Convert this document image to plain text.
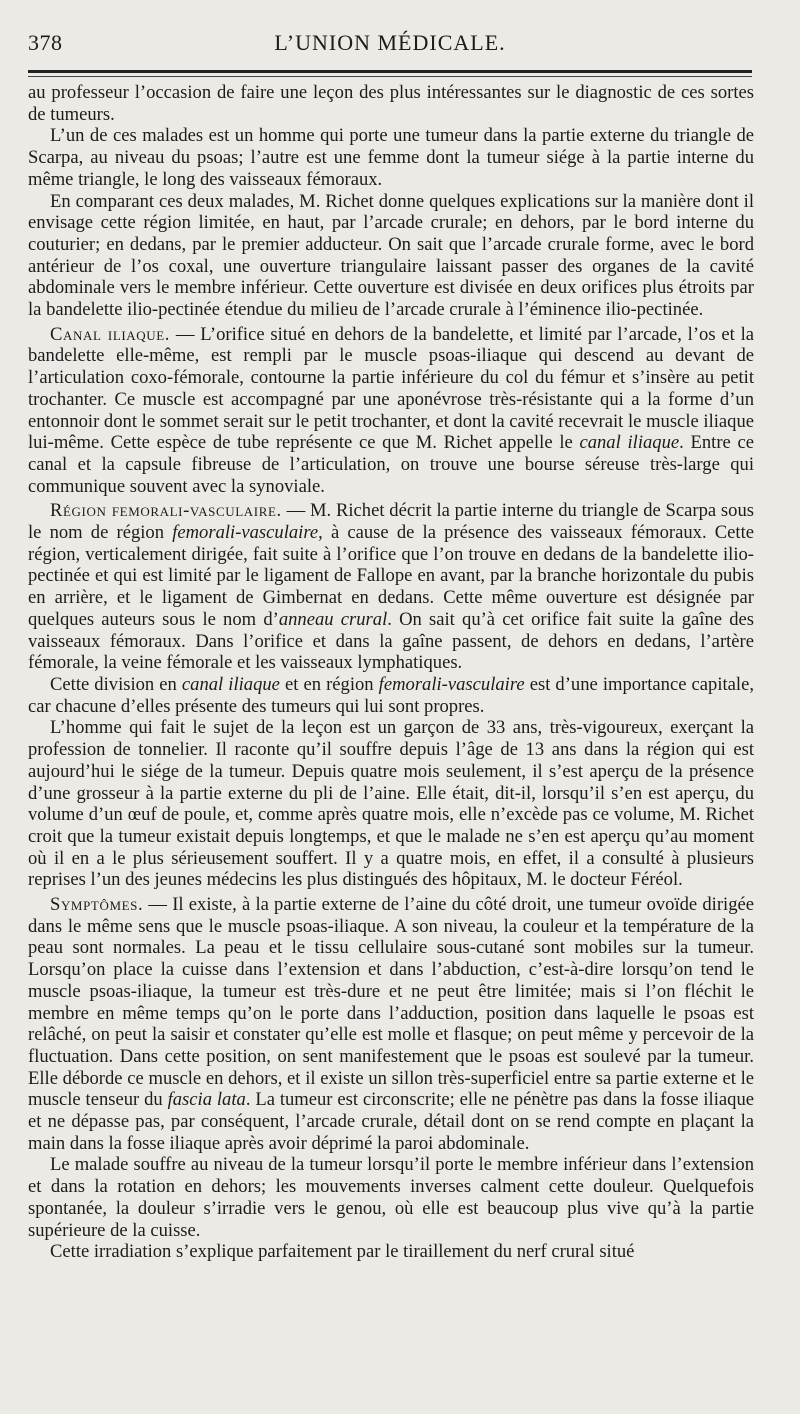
378	L’UNION MÉDICALE.

au professeur l’occasion de faire une leçon des plus intéressantes sur le diagnostic de ces sortes de tumeurs.

L’un de ces malades est un homme qui porte une tumeur dans la partie externe du triangle de Scarpa, au niveau du psoas; l’autre est une femme dont la tumeur siége à la partie interne du même triangle, le long des vaisseaux fémoraux.

En comparant ces deux malades, M. Richet donne quelques explications sur la manière dont il envisage cette région limitée, en haut, par l’arcade crurale; en dehors, par le bord interne du couturier; en dedans, par le premier adducteur. On sait que l’arcade crurale forme, avec le bord antérieur de l’os coxal, une ouverture triangulaire laissant passer des organes de la cavité abdominale vers le membre inférieur. Cette ouverture est divisée en deux orifices plus étroits par la bandelette ilio-pectinée étendue du milieu de l’arcade crurale à l’éminence ilio-pectinée.

Canal iliaque. — L’orifice situé en dehors de la bandelette, et limité par l’arcade, l’os et la bandelette elle-même, est rempli par le muscle psoas-iliaque qui descend au devant de l’articulation coxo-fémorale, contourne la partie inférieure du col du fémur et s’insère au petit trochanter. Ce muscle est accompagné par une aponévrose très-résistante qui a la forme d’un entonnoir dont le sommet serait sur le petit trochanter, et dont la cavité recevrait le muscle iliaque lui-même. Cette espèce de tube représente ce que M. Richet appelle le canal iliaque. Entre ce canal et la capsule fibreuse de l’articulation, on trouve une bourse séreuse très-large qui communique souvent avec la synoviale.

Région femorali-vasculaire. — M. Richet décrit la partie interne du triangle de Scarpa sous le nom de région femorali-vasculaire, à cause de la présence des vaisseaux fémoraux. Cette région, verticalement dirigée, fait suite à l’orifice que l’on trouve en dedans de la bandelette ilio-pectinée et qui est limité par le ligament de Fallope en avant, par la branche horizontale du pubis en arrière, et le ligament de Gimbernat en dedans. Cette même ouverture est désignée par quelques auteurs sous le nom d’anneau crural. On sait qu’à cet orifice fait suite la gaîne des vaisseaux fémoraux. Dans l’orifice et dans la gaîne passent, de dehors en dedans, l’artère fémorale, la veine fémorale et les vaisseaux lymphatiques.

Cette division en canal iliaque et en région femorali-vasculaire est d’une importance capitale, car chacune d’elles présente des tumeurs qui lui sont propres.

L’homme qui fait le sujet de la leçon est un garçon de 33 ans, très-vigoureux, exerçant la profession de tonnelier. Il raconte qu’il souffre depuis l’âge de 13 ans dans la région qui est aujourd’hui le siége de la tumeur. Depuis quatre mois seulement, il s’est aperçu de la présence d’une grosseur à la partie externe du pli de l’aine. Elle était, dit-il, lorsqu’il s’en est aperçu, du volume d’un œuf de poule, et, comme après quatre mois, elle n’excède pas ce volume, M. Richet croit que la tumeur existait depuis longtemps, et que le malade ne s’en est aperçu qu’au moment où il en a le plus sérieusement souffert. Il y a quatre mois, en effet, il a consulté à plusieurs reprises l’un des jeunes médecins les plus distingués des hôpitaux, M. le docteur Féréol.

Symptômes. — Il existe, à la partie externe de l’aine du côté droit, une tumeur ovoïde dirigée dans le même sens que le muscle psoas-iliaque. A son niveau, la couleur et la température de la peau sont normales. La peau et le tissu cellulaire sous-cutané sont mobiles sur la tumeur. Lorsqu’on place la cuisse dans l’extension et dans l’abduction, c’est-à-dire lorsqu’on tend le muscle psoas-iliaque, la tumeur est très-dure et ne peut être limitée; mais si l’on fléchit le membre en même temps qu’on le porte dans l’adduction, position dans laquelle le psoas est relâché, on peut la saisir et constater qu’elle est molle et flasque; on peut même y percevoir de la fluctuation. Dans cette position, on sent manifestement que le psoas est soulevé par la tumeur. Elle déborde ce muscle en dehors, et il existe un sillon très-superficiel entre sa partie externe et le muscle tenseur du fascia lata. La tumeur est circonscrite; elle ne pénètre pas dans la fosse iliaque et ne dépasse pas, par conséquent, l’arcade crurale, détail dont on se rend compte en plaçant la main dans la fosse iliaque après avoir déprimé la paroi abdominale.

Le malade souffre au niveau de la tumeur lorsqu’il porte le membre inférieur dans l’extension et dans la rotation en dehors; les mouvements inverses calment cette douleur. Quelquefois spontanée, la douleur s’irradie vers le genou, où elle est beaucoup plus vive qu’à la partie supérieure de la cuisse.

Cette irradiation s’explique parfaitement par le tiraillement du nerf crural situé
